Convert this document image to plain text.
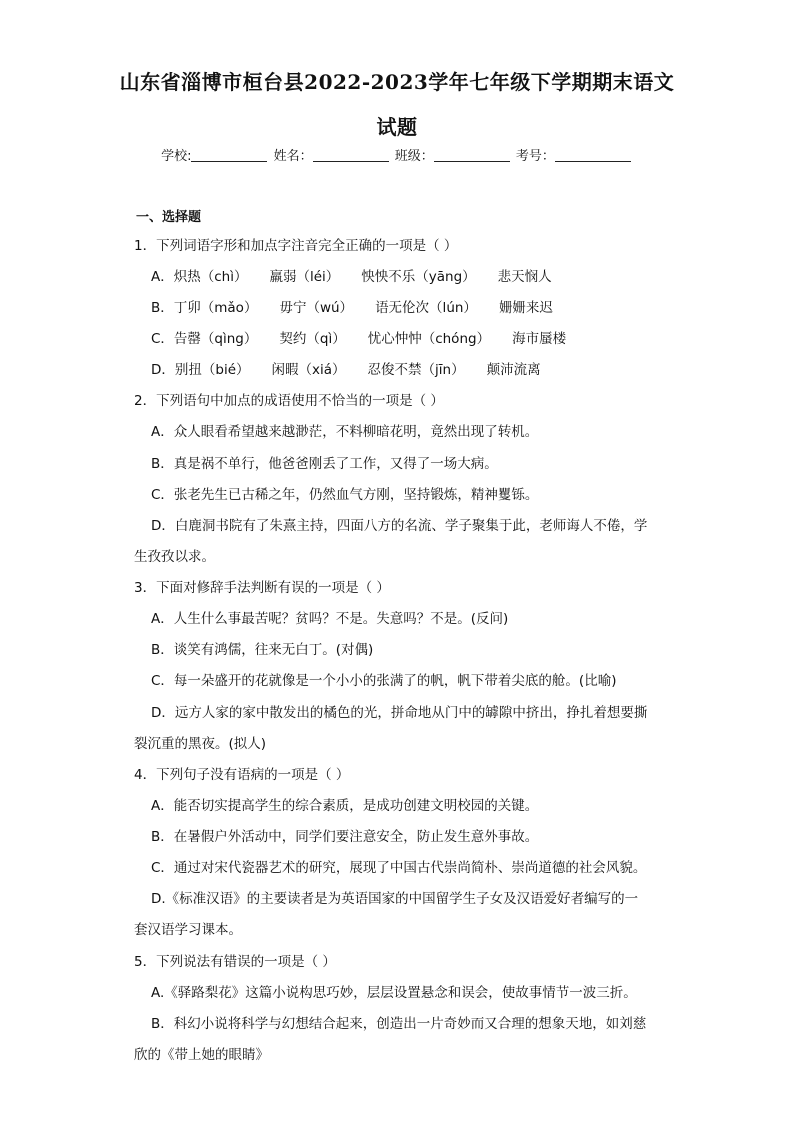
山东省淄博市桓台县2022-2023学年七年级下学期期末语文
试题
学校:	姓名：	班级：	考号：
一、选择题
1．下列词语字形和加点字注音完全正确的一项是（ ）
A．炽热（chì） 羸弱（léi） 怏怏不乐（yāng） 悲天悯人
B．丁卯（mǎo） 毋宁（wú） 语无伦次（lún） 姗姗来迟
C．告罄（qìng） 契约（qì） 忧心忡忡（chóng） 海市蜃楼
D．别扭（bié） 闲暇（xiá） 忍俊不禁（jīn） 颠沛流离
2．下列语句中加点的成语使用不恰当的一项是（ ）
A．众人眼看希望越来越渺茫，不料柳暗花明，竟然出现了转机。
B．真是祸不单行，他爸爸刚丢了工作，又得了一场大病。
C．张老先生已古稀之年，仍然血气方刚，坚持锻炼，精神矍铄。
D．白鹿洞书院有了朱熹主持，四面八方的名流、学子聚集于此，老师诲人不倦，学
生孜孜以求。
3．下面对修辞手法判断有误的一项是（ ）
A．人生什么事最苦呢？贫吗？不是。失意吗？不是。(反问)
B．谈笑有鸿儒，往来无白丁。(对偶)
C．每一朵盛开的花就像是一个小小的张满了的帆，帆下带着尖底的舱。(比喻)
D．远方人家的家中散发出的橘色的光，拼命地从门中的罅隙中挤出，挣扎着想要撕
裂沉重的黑夜。(拟人)
4．下列句子没有语病的一项是（ ）
A．能否切实提高学生的综合素质，是成功创建文明校园的关键。
B．在暑假户外活动中，同学们要注意安全，防止发生意外事故。
C．通过对宋代瓷器艺术的研究，展现了中国古代崇尚简朴、崇尚道德的社会风貌。
D.《标准汉语》的主要读者是为英语国家的中国留学生子女及汉语爱好者编写的一
套汉语学习课本。
5．下列说法有错误的一项是（ ）
A.《驿路梨花》这篇小说构思巧妙，层层设置悬念和误会，使故事情节一波三折。
B．科幻小说将科学与幻想结合起来，创造出一片奇妙而又合理的想象天地，如刘慈
欣的《带上她的眼睛》
